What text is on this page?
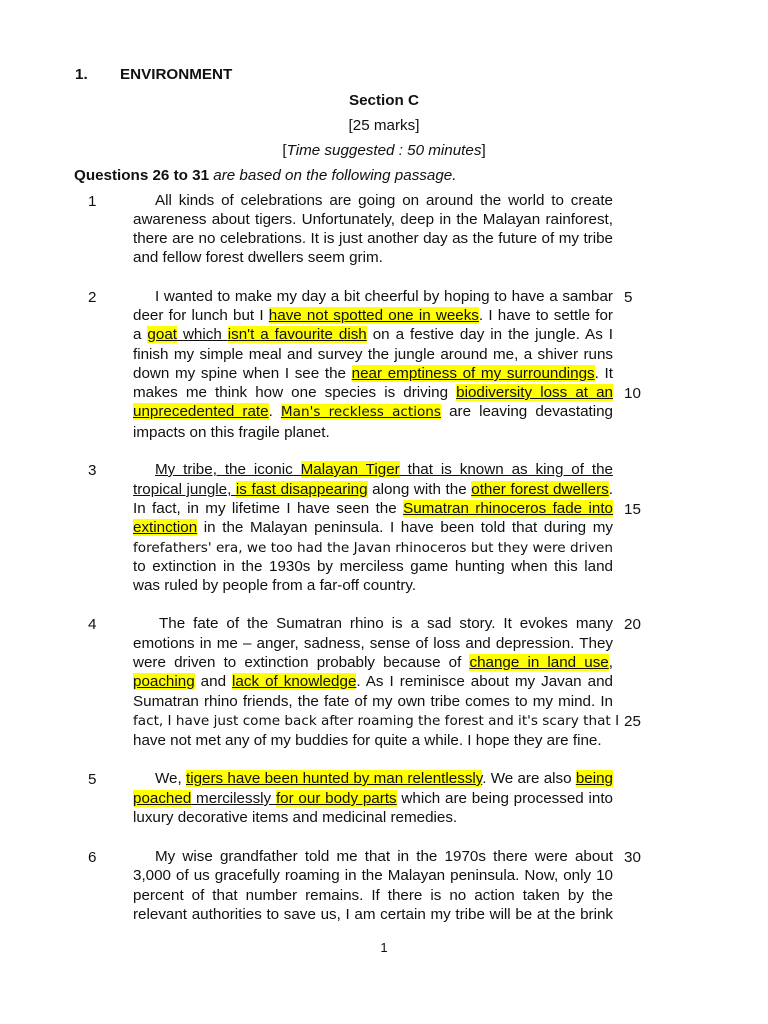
1. ENVIRONMENT
Section C
[25 marks]
[Time suggested : 50 minutes]
Questions 26 to 31 are based on the following passage.
1
2
3
4
5
6
5
10
15
20
25
30
All kinds of celebrations are going on around the world to create
awareness about tigers. Unfortunately, deep in the Malayan rainforest,
there are no celebrations. It is just another day as the future of my tribe
and fellow forest dwellers seem grim.
I wanted to make my day a bit cheerful by hoping to have a sambar
deer for lunch but I have not spotted one in weeks. I have to settle for
a goat which isn't a favourite dish on a festive day in the jungle. As I
finish my simple meal and survey the jungle around me, a shiver runs
down my spine when I see the near emptiness of my surroundings. It
makes me think how one species is driving biodiversity loss at an
unprecedented rate. Man's reckless actions are leaving devastating
impacts on this fragile planet.
My tribe, the iconic Malayan Tiger that is known as king of the
tropical jungle, is fast disappearing along with the other forest dwellers.
In fact, in my lifetime I have seen the Sumatran rhinoceros fade into
extinction in the Malayan peninsula. I have been told that during my
forefathers' era, we too had the Javan rhinoceros but they were driven
to extinction in the 1930s by merciless game hunting when this land
was ruled by people from a far-off country.
The fate of the Sumatran rhino is a sad story. It evokes many
emotions in me – anger, sadness, sense of loss and depression. They
were driven to extinction probably because of change in land use,
poaching and lack of knowledge. As I reminisce about my Javan and
Sumatran rhino friends, the fate of my own tribe comes to my mind. In
fact, I have just come back after roaming the forest and it's scary that I
have not met any of my buddies for quite a while. I hope they are fine.
We, tigers have been hunted by man relentlessly. We are also being
poached mercilessly for our body parts which are being processed into
luxury decorative items and medicinal remedies.
My wise grandfather told me that in the 1970s there were about
3,000 of us gracefully roaming in the Malayan peninsula. Now, only 10
percent of that number remains. If there is no action taken by the
relevant authorities to save us, I am certain my tribe will be at the brink
1
